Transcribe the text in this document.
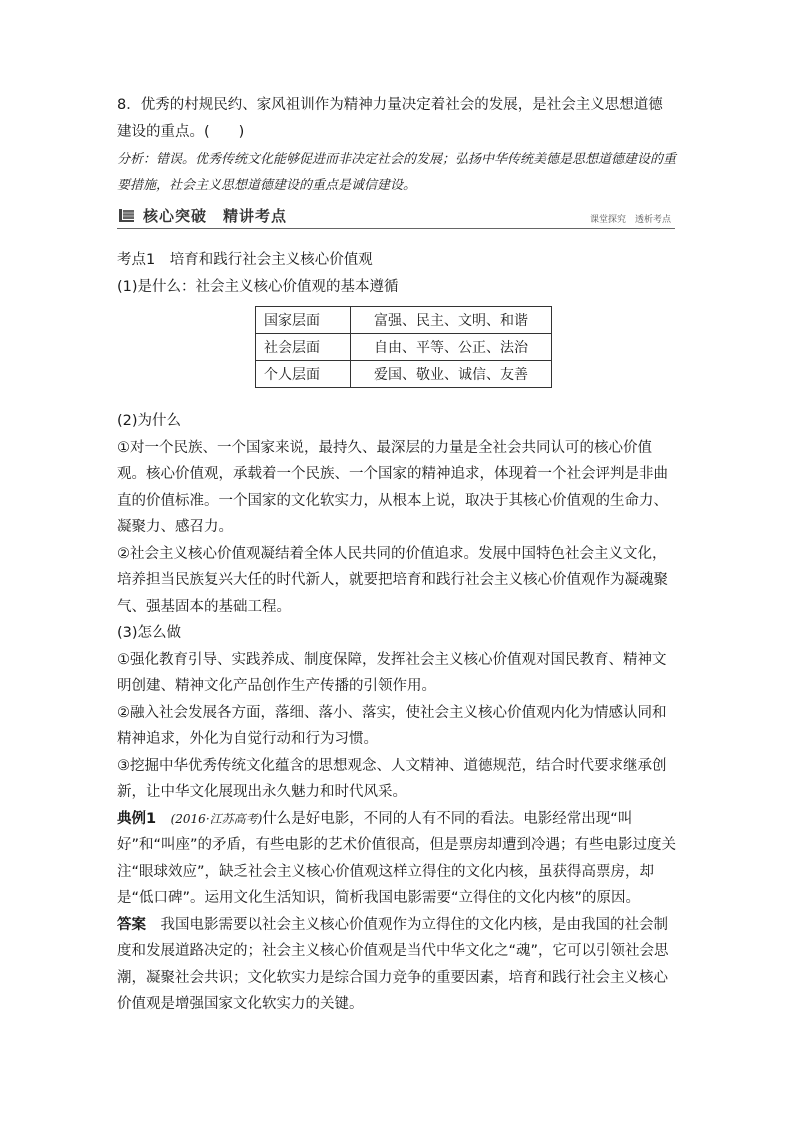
8．优秀的村规民约、家风祖训作为精神力量决定着社会的发展，是社会主义思想道德建设的重点。(　　)

分析：错误。优秀传统文化能够促进而非决定社会的发展；弘扬中华传统美德是思想道德建设的重要措施，社会主义思想道德建设的重点是诚信建设。

核心突破　精讲考点	课堂探究　透析考点

考点1　培育和践行社会主义核心价值观

(1)是什么：社会主义核心价值观的基本遵循

国家层面	富强、民主、文明、和谐
社会层面	自由、平等、公正、法治
个人层面	爱国、敬业、诚信、友善

(2)为什么

①对一个民族、一个国家来说，最持久、最深层的力量是全社会共同认可的核心价值观。核心价值观，承载着一个民族、一个国家的精神追求，体现着一个社会评判是非曲直的价值标准。一个国家的文化软实力，从根本上说，取决于其核心价值观的生命力、凝聚力、感召力。

②社会主义核心价值观凝结着全体人民共同的价值追求。发展中国特色社会主义文化，培养担当民族复兴大任的时代新人，就要把培育和践行社会主义核心价值观作为凝魂聚气、强基固本的基础工程。

(3)怎么做

①强化教育引导、实践养成、制度保障，发挥社会主义核心价值观对国民教育、精神文明创建、精神文化产品创作生产传播的引领作用。

②融入社会发展各方面，落细、落小、落实，使社会主义核心价值观内化为情感认同和精神追求，外化为自觉行动和行为习惯。

③挖掘中华优秀传统文化蕴含的思想观念、人文精神、道德规范，结合时代要求继承创新，让中华文化展现出永久魅力和时代风采。

典例1　(2016·江苏高考)什么是好电影，不同的人有不同的看法。电影经常出现“叫好”和“叫座”的矛盾，有些电影的艺术价值很高，但是票房却遭到冷遇；有些电影过度关注“眼球效应”，缺乏社会主义核心价值观这样立得住的文化内核，虽获得高票房，却是“低口碑”。运用文化生活知识，简析我国电影需要“立得住的文化内核”的原因。

答案　我国电影需要以社会主义核心价值观作为立得住的文化内核，是由我国的社会制度和发展道路决定的；社会主义核心价值观是当代中华文化之“魂”，它可以引领社会思潮，凝聚社会共识；文化软实力是综合国力竞争的重要因素，培育和践行社会主义核心价值观是增强国家文化软实力的关键。
